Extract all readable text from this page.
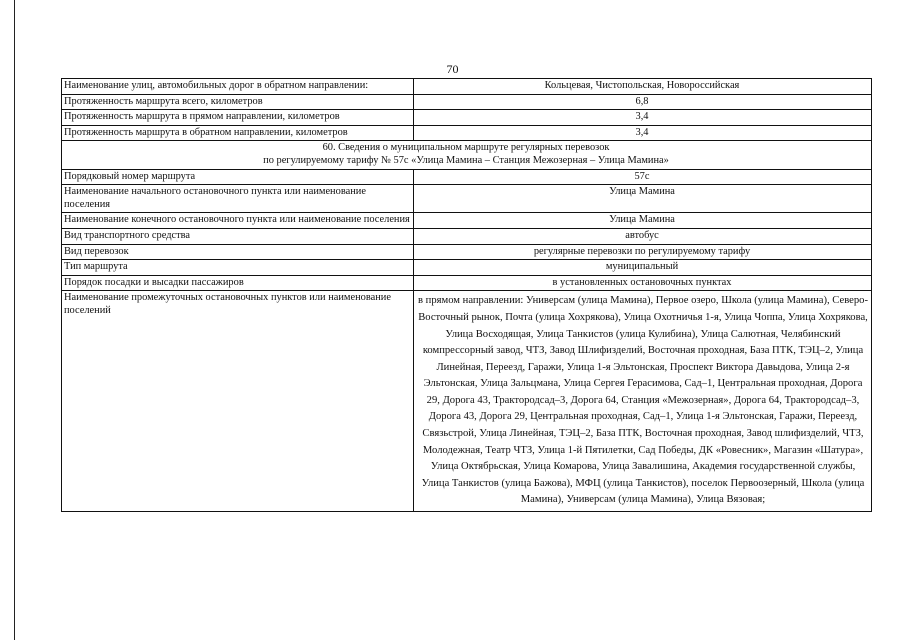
70
Наименование улиц, автомобильных дорог в обратном направлении:	Кольцевая, Чистопольская, Новороссийская
Протяженность маршрута всего, километров	6,8
Протяженность маршрута в прямом направлении, километров	3,4
Протяженность маршрута в обратном направлении, километров	3,4

60. Сведения о муниципальном маршруте регулярных перевозок
по регулируемому тарифу № 57с «Улица Мамина – Станция Межозерная – Улица Мамина»	

Порядковый номер маршрута	57с
Наименование начального остановочного пункта или наименование поселения	Улица Мамина
Наименование конечного остановочного пункта или наименование поселения	Улица Мамина
Вид транспортного средства	автобус
Вид перевозок	регулярные перевозки по регулируемому тарифу
Тип маршрута	муниципальный
Порядок посадки и высадки пассажиров	в установленных остановочных пунктах
Наименование промежуточных остановочных пунктов или наименование поселений	в прямом направлении: Универсам (улица Мамина), Первое озеро, Школа (улица Мамина), Северо-Восточный рынок, Почта (улица Хохрякова), Улица Охотничья 1-я, Улица Чоппа, Улица Хохрякова, Улица Восходящая, Улица Танкистов (улица Кулибина), Улица Салютная, Челябинский компрессорный завод, ЧТЗ, Завод Шлифизделий, Восточная проходная, База ПТК, ТЭЦ–2, Улица Линейная, Переезд, Гаражи, Улица 1-я Эльтонская, Проспект Виктора Давыдова, Улица 2-я Эльтонская, Улица Зальцмана, Улица Сергея Герасимова, Сад–1, Центральная проходная, Дорога 29, Дорога 43, Трактородсад–3, Дорога 64, Станция «Межозерная», Дорога 64, Трактородсад–3, Дорога 43, Дорога 29, Центральная проходная, Сад–1, Улица 1-я Эльтонская, Гаражи, Переезд, Связьстрой, Улица Линейная, ТЭЦ–2, База ПТК, Восточная проходная, Завод шлифизделий, ЧТЗ, Молодежная, Театр ЧТЗ, Улица 1-й Пятилетки, Сад Победы, ДК «Ровесник», Магазин «Шатура», Улица Октябрьская, Улица Комарова, Улица Завалишина, Академия государственной службы, Улица Танкистов (улица Бажова), МФЦ (улица Танкистов), поселок Первоозерный, Школа (улица Мамина), Универсам (улица Мамина), Улица Вязовая;
